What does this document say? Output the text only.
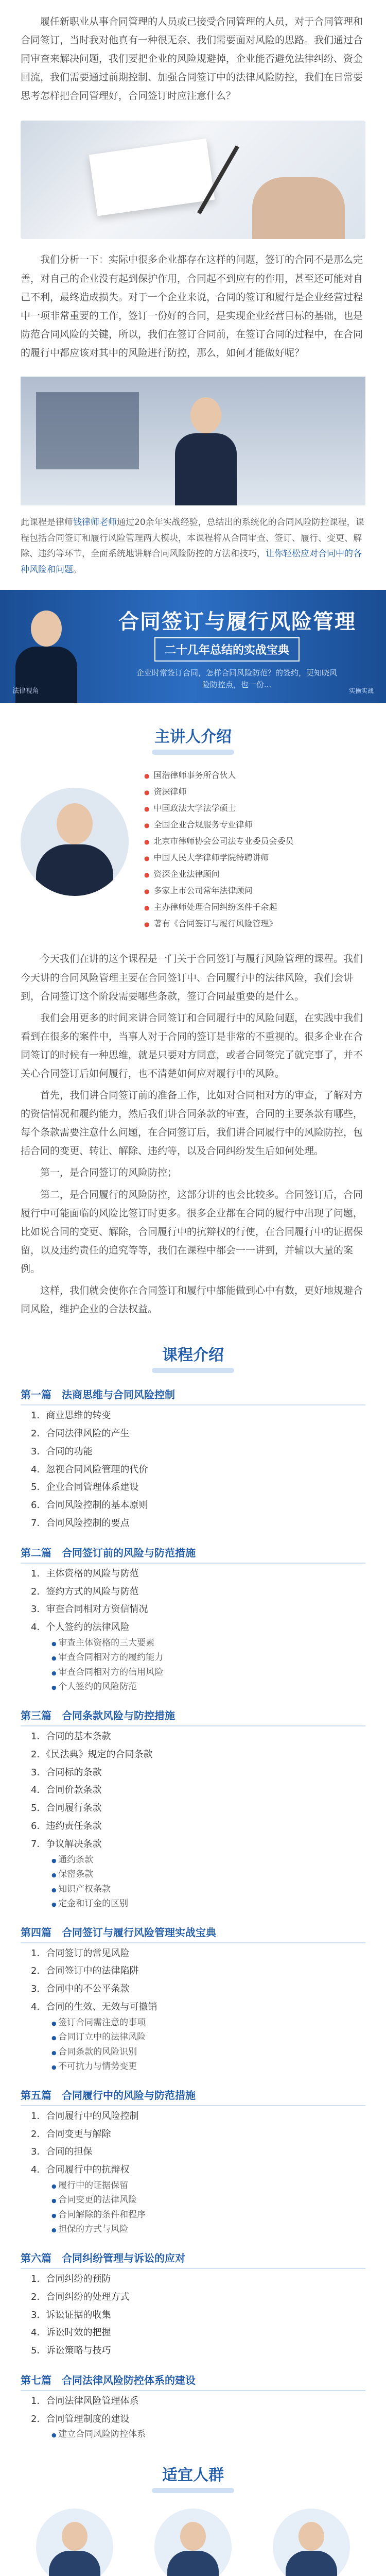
履任新职业从事合同管理的人员或已接受合同管理的人员，对于合同管理和合同签订，当时我对他真有一种很无奈、我们需要面对风险的思路。我们通过合同审查来解决问题，我们要把企业的风险规避掉，企业能否避免法律纠纷、资金回流，我们需要通过前期控制、加强合同签订中的法律风险防控，我们在日常要思考怎样把合同管理好，合同签订时应注意什么？

我们分析一下：实际中很多企业都存在这样的问题，签订的合同不是那么完善，对自己的企业没有起到保护作用，合同起不到应有的作用，甚至还可能对自己不利，最终造成损失。对于一个企业来说，合同的签订和履行是企业经营过程中一项非常重要的工作，签订一份好的合同，是实现企业经营目标的基础，也是防范合同风险的关键，所以，我们在签订合同前，在签订合同的过程中，在合同的履行中都应该对其中的风险进行防控，那么，如何才能做好呢？

此课程是律师钱律师老师通过20余年实战经验，总结出的系统化的合同风险防控课程，课程包括合同签订和履行风险管理两大模块，本课程将从合同审查、签订、履行、变更、解除、违约等环节，全面系统地讲解合同风险防控的方法和技巧，让你轻松应对合同中的各种风险和问题。

法律视角
合同签订与履行风险管理
二十几年总结的实战宝典
企业时常签订合同，怎样合同风险防范？的签约，更知晓风险防控点，也一份...
实操实战
主讲人介绍
● 国浩律师事务所合伙人
● 资深律师
● 中国政法大学法学硕士
● 全国企业合规服务专业律师
● 北京市律师协会公司法专业委员会委员
● 中国人民大学律师学院特聘讲师
● 资深企业法律顾问
● 多家上市公司常年法律顾问
● 主办律师处理合同纠纷案件千余起
● 著有《合同签订与履行风险管理》

今天我们在讲的这个课程是一门关于合同签订与履行风险管理的课程。我们今天讲的合同风险管理主要在合同签订中、合同履行中的法律风险，我们会讲到，合同签订这个阶段需要哪些条款，签订合同最重要的是什么。

我们会用更多的时间来讲合同签订和合同履行中的风险问题，在实践中我们看到在很多的案件中，当事人对于合同的签订是非常的不重视的。很多企业在合同签订的时候有一种思维，就是只要对方同意，或者合同签完了就完事了，并不关心合同签订后如何履行，也不清楚如何应对履行中的风险。

首先，我们讲合同签订前的准备工作，比如对合同相对方的审查，了解对方的资信情况和履约能力，然后我们讲合同条款的审查，合同的主要条款有哪些，每个条款需要注意什么问题，在合同签订后，我们讲合同履行中的风险防控，包括合同的变更、转让、解除、违约等，以及合同纠纷发生后如何处理。

第一，是合同签订的风险防控；

第二，是合同履行的风险防控，这部分讲的也会比较多。合同签订后，合同履行中可能面临的风险比签订时更多。很多企业都在合同的履行中出现了问题，比如说合同的变更、解除，合同履行中的抗辩权的行使，在合同履行中的证据保留，以及违约责任的追究等等，我们在课程中都会一一讲到，并辅以大量的案例。

这样，我们就会使你在合同签订和履行中都能做到心中有数，更好地规避合同风险，维护企业的合法权益。

课程介绍
第一篇　法商思维与合同风险控制
1．商业思维的转变
2．合同法律风险的产生
3．合同的功能
4．忽视合同风险管理的代价
5．企业合同管理体系建设
6．合同风险控制的基本原则
7．合同风险控制的要点
第二篇　合同签订前的风险与防范措施
1．主体资格的风险与防范
2．签约方式的风险与防范
3．审查合同相对方资信情况
4．个人签约的法律风险
● 审查主体资格的三大要素
● 审查合同相对方的履约能力
● 审查合同相对方的信用风险
● 个人签约的风险防范
第三篇　合同条款风险与防控措施
1．合同的基本条款
2．《民法典》规定的合同条款
3．合同标的条款
4．合同价款条款
5．合同履行条款
6．违约责任条款
7．争议解决条款
● 通约条款
● 保密条款
● 知识产权条款
● 定金和订金的区别
第四篇　合同签订与履行风险管理实战宝典
1．合同签订的常见风险
2．合同签订中的法律陷阱
3．合同中的不公平条款
4．合同的生效、无效与可撤销
● 签订合同需注意的事项
● 合同订立中的法律风险
● 合同条款的风险识别
● 不可抗力与情势变更
第五篇　合同履行中的风险与防范措施
1．合同履行中的风险控制
2．合同变更与解除
3．合同的担保
4．合同履行中的抗辩权
● 履行中的证据保留
● 合同变更的法律风险
● 合同解除的条件和程序
● 担保的方式与风险
第六篇　合同纠纷管理与诉讼的应对
1．合同纠纷的预防
2．合同纠纷的处理方式
3．诉讼证据的收集
4．诉讼时效的把握
5．诉讼策略与技巧
第七篇　合同法律风险防控体系的建设
1．合同法律风险管理体系
2．合同管理制度的建设
● 建立合同风险防控体系
适宜人群
